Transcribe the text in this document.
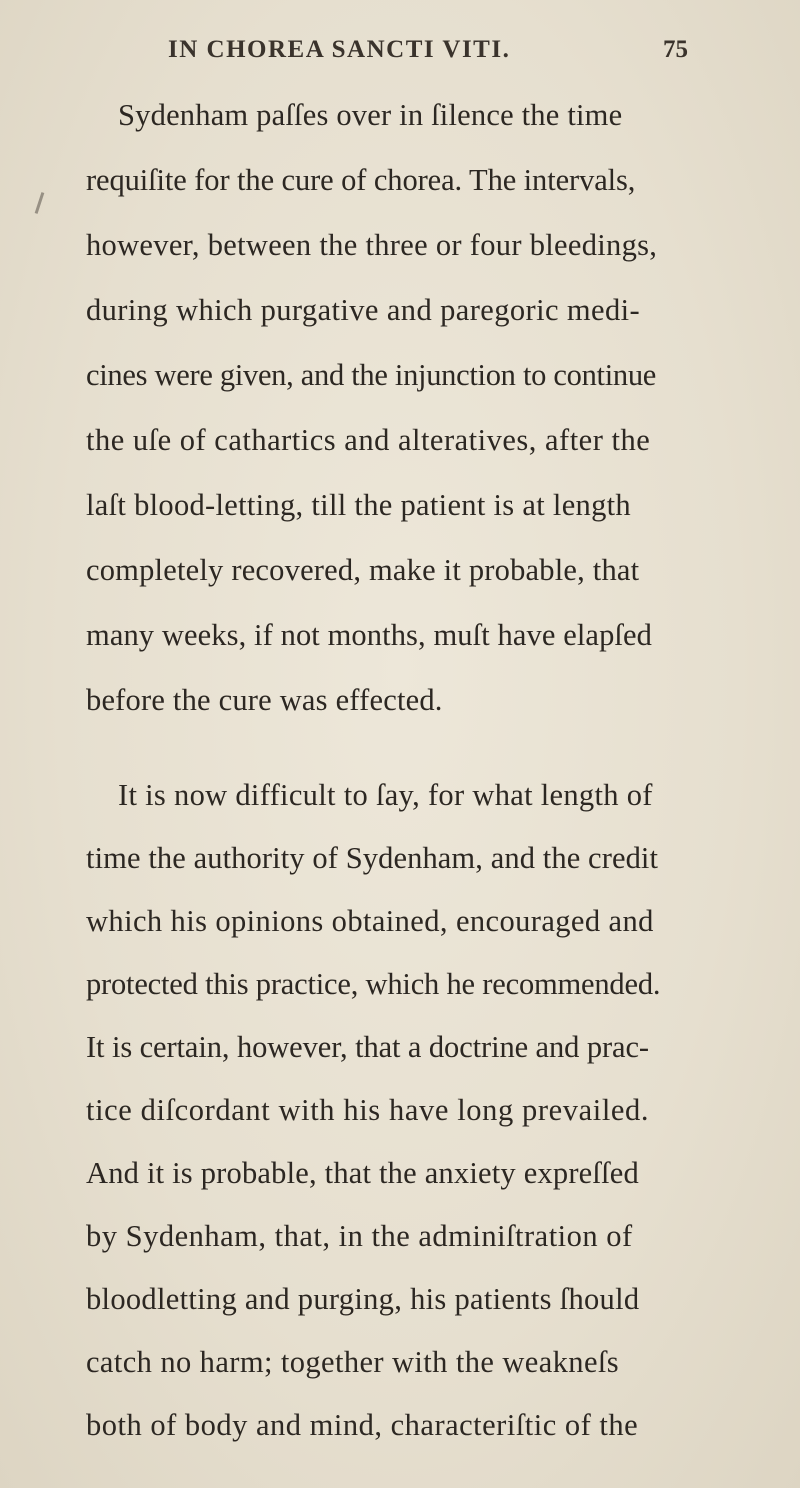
IN CHOREA SANCTI VITI.	75
Sydenham paſſes over in ſilence the time
requiſite for the cure of chorea. The intervals,
however, between the three or four bleedings,
during which purgative and paregoric medi-
cines were given, and the injunction to continue
the uſe of cathartics and alteratives, after the
laſt blood-letting, till the patient is at length
completely recovered, make it probable, that
many weeks, if not months, muſt have elapſed
before the cure was effected.
It is now difficult to ſay, for what length of
time the authority of Sydenham, and the credit
which his opinions obtained, encouraged and
protected this practice, which he recommended.
It is certain, however, that a doctrine and prac-
tice diſcordant with his have long prevailed.
And it is probable, that the anxiety expreſſed
by Sydenham, that, in the adminiſtration of
bloodletting and purging, his patients ſhould
catch no harm; together with the weakneſs
both of body and mind, characteriſtic of the
